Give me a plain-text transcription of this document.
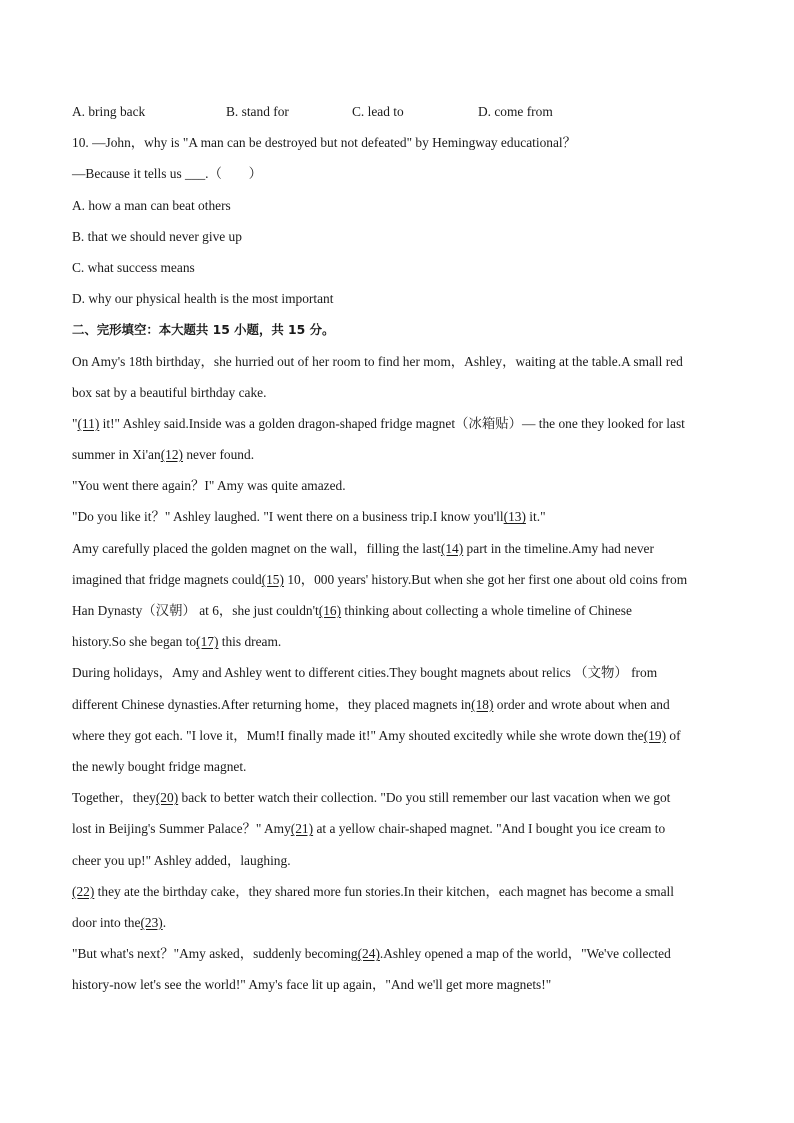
A. bring back	B. stand for	C. lead to	D. come from
10. —John，why is "A man can be destroyed but not defeated" by Hemingway educational？
—Because it tells us ___.（　　）
A. how a man can beat others
B. that we should never give up
C. what success means
D. why our physical health is the most important
二、完形填空：本大题共 15 小题，共 15 分。
On Amy's 18th birthday，she hurried out of her room to find her mom，Ashley，waiting at the table.A small red
box sat by a beautiful birthday cake.
"(11) it!" Ashley said.Inside was a golden dragon-shaped fridge magnet（冰箱贴）— the one they looked for last
summer in Xi'an(12) never found.
"You went there again？I" Amy was quite amazed.
"Do you like it？" Ashley laughed. "I went there on a business trip.I know you'll(13) it."
Amy carefully placed the golden magnet on the wall，filling the last(14) part in the timeline.Amy had never
imagined that fridge magnets could(15) 10，000 years' history.But when she got her first one about old coins from
Han Dynasty（汉朝） at 6，she just couldn't(16) thinking about collecting a whole timeline of Chinese
history.So she began to(17) this dream.
During holidays，Amy and Ashley went to different cities.They bought magnets about relics （文物） from
different Chinese dynasties.After returning home，they placed magnets in(18) order and wrote about when and
where they got each. "I love it，Mum!I finally made it!" Amy shouted excitedly while she wrote down the(19) of
the newly bought fridge magnet.
Together，they(20) back to better watch their collection. "Do you still remember our last vacation when we got
lost in Beijing's Summer Palace？" Amy(21) at a yellow chair-shaped magnet. "And I bought you ice cream to
cheer you up!" Ashley added，laughing.
(22) they ate the birthday cake，they shared more fun stories.In their kitchen，each magnet has become a small
door into the(23).
"But what's next？"Amy asked，suddenly becoming(24).Ashley opened a map of the world，"We've collected
history-now let's see the world!" Amy's face lit up again，"And we'll get more magnets!"
